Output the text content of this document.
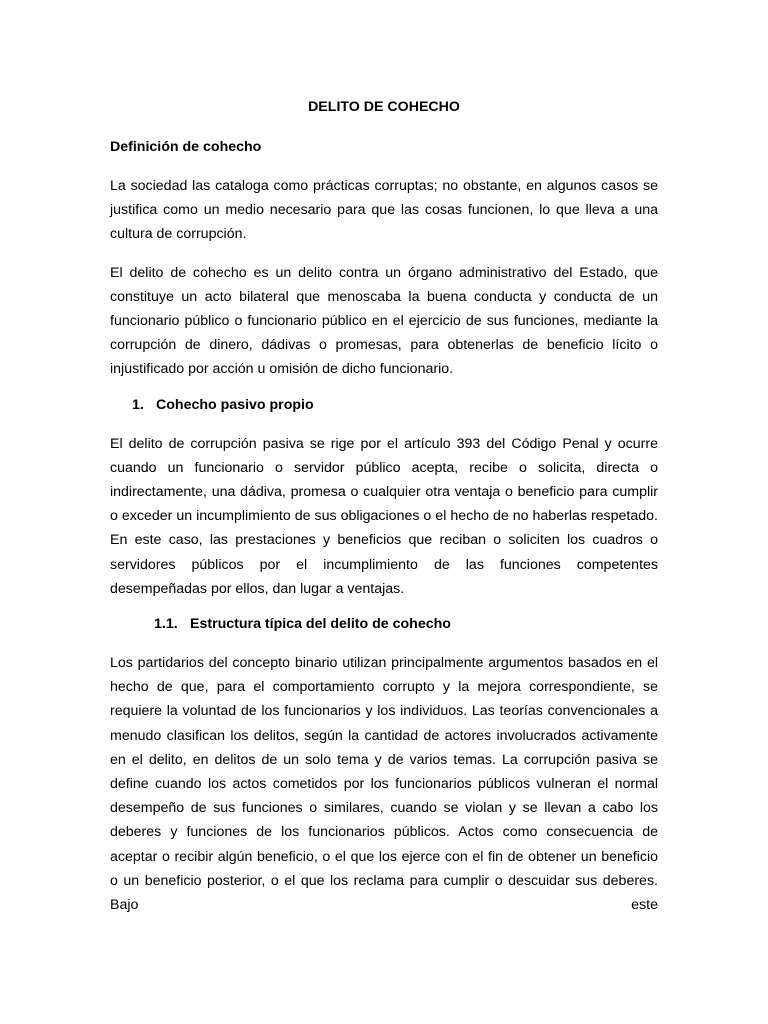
DELITO DE COHECHO
Definición de cohecho

La sociedad las cataloga como prácticas corruptas; no obstante, en algunos casos se justifica como un medio necesario para que las cosas funcionen, lo que lleva a una cultura de corrupción.

El delito de cohecho es un delito contra un órgano administrativo del Estado, que constituye un acto bilateral que menoscaba la buena conducta y conducta de un funcionario público o funcionario público en el ejercicio de sus funciones, mediante la corrupción de dinero, dádivas o promesas, para obtenerlas de beneficio lícito o injustificado por acción u omisión de dicho funcionario.

1. Cohecho pasivo propio

El delito de corrupción pasiva se rige por el artículo 393 del Código Penal y ocurre cuando un funcionario o servidor público acepta, recibe o solicita, directa o indirectamente, una dádiva, promesa o cualquier otra ventaja o beneficio para cumplir o exceder un incumplimiento de sus obligaciones o el hecho de no haberlas respetado. En este caso, las prestaciones y beneficios que reciban o soliciten los cuadros o servidores públicos por el incumplimiento de las funciones competentes desempeñadas por ellos, dan lugar a ventajas.

1.1. Estructura típica del delito de cohecho

Los partidarios del concepto binario utilizan principalmente argumentos basados en el hecho de que, para el comportamiento corrupto y la mejora correspondiente, se requiere la voluntad de los funcionarios y los individuos. Las teorías convencionales a menudo clasifican los delitos, según la cantidad de actores involucrados activamente en el delito, en delitos de un solo tema y de varios temas. La corrupción pasiva se define cuando los actos cometidos por los funcionarios públicos vulneran el normal desempeño de sus funciones o similares, cuando se violan y se llevan a cabo los deberes y funciones de los funcionarios públicos. Actos como consecuencia de aceptar o recibir algún beneficio, o el que los ejerce con el fin de obtener un beneficio o un beneficio posterior, o el que los reclama para cumplir o descuidar sus deberes. Bajo este
